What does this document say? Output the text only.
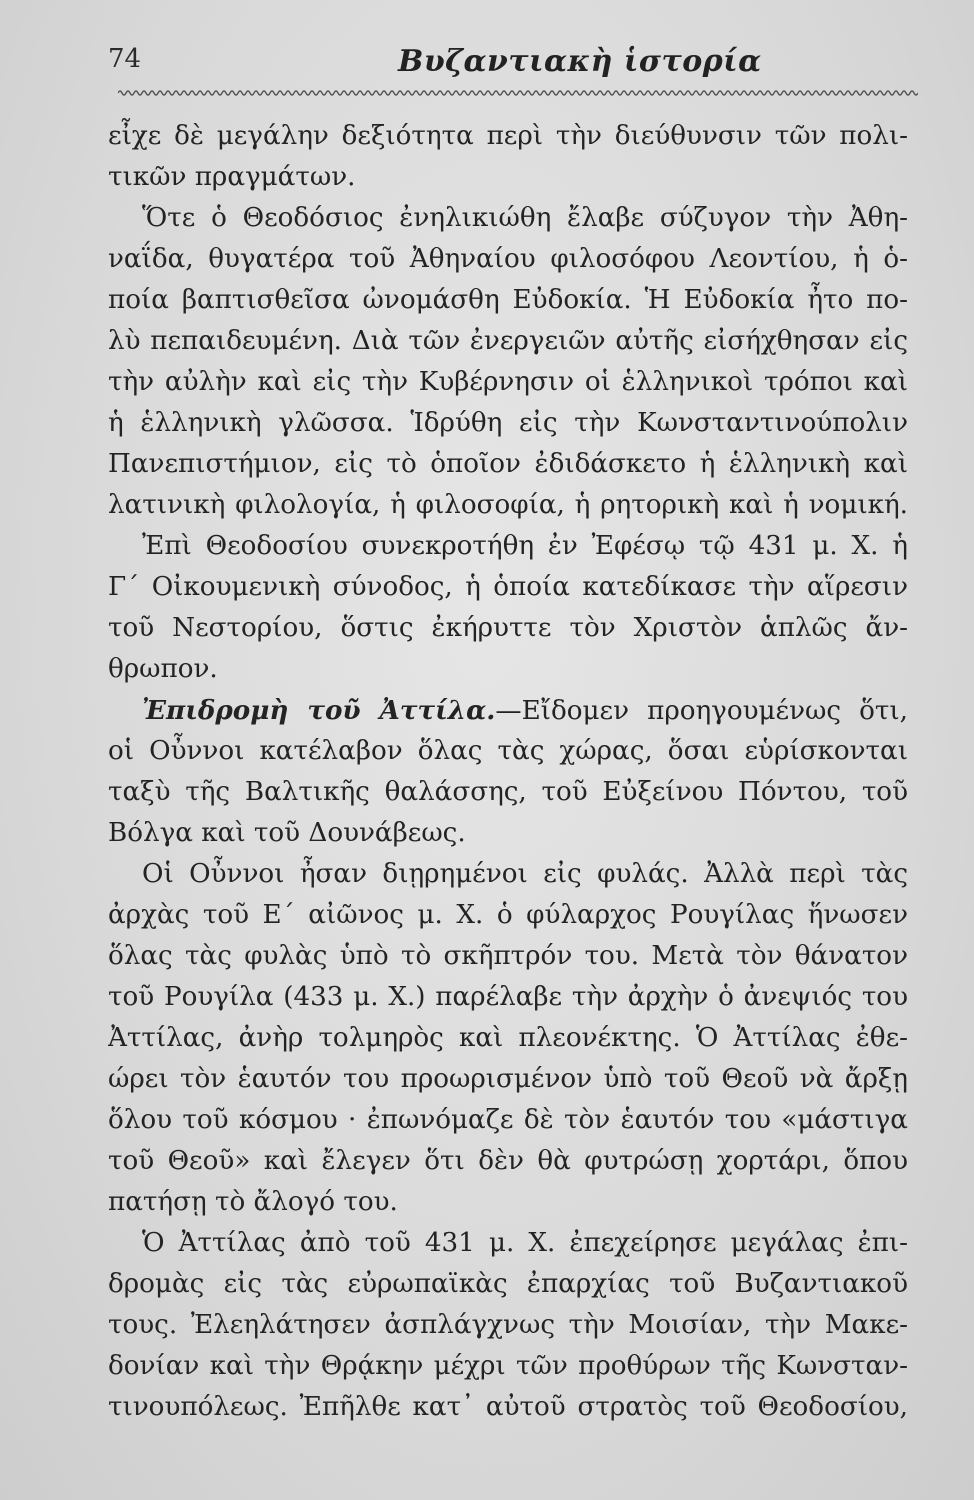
74	Βυζαντιακὴ ἱστορία
εἶχε δὲ μεγάλην δεξιότητα περὶ τὴν διεύθυνσιν τῶν πολι-
τικῶν πραγμάτων.
Ὅτε ὁ Θεοδόσιος ἐνηλικιώθη ἔλαβε σύζυγον τὴν Ἀθη-
ναΐδα, θυγατέρα τοῦ Ἀθηναίου φιλοσόφου Λεοντίου, ἡ ὁ-
ποία βαπτισθεῖσα ὠνομάσθη Εὐδοκία. Ἡ Εὐδοκία ἦτο πο-
λὺ πεπαιδευμένη. Διὰ τῶν ἐνεργειῶν αὐτῆς εἰσήχθησαν εἰς
τὴν αὐλὴν καὶ εἰς τὴν Κυβέρνησιν οἱ ἑλληνικοὶ τρόποι καὶ
ἡ ἑλληνικὴ γλῶσσα. Ἱδρύθη εἰς τὴν Κωνσταντινούπολιν
Πανεπιστήμιον, εἰς τὸ ὁποῖον ἐδιδάσκετο ἡ ἑλληνικὴ καὶ
λατινικὴ φιλολογία, ἡ φιλοσοφία, ἡ ρητορικὴ καὶ ἡ νομική.
Ἐπὶ Θεοδοσίου συνεκροτήθη ἐν Ἐφέσῳ τῷ 431 μ. Χ. ἡ
Γ´ Οἰκουμενικὴ σύνοδος, ἡ ὁποία κατεδίκασε τὴν αἵρεσιν
τοῦ Νεστορίου, ὅστις ἐκήρυττε τὸν Χριστὸν ἁπλῶς ἄν-
θρωπον.
Ἐπιδρομὴ τοῦ Ἀττίλα.—Εἴδομεν προηγουμένως ὅτι,
οἱ Οὖννοι κατέλαβον ὅλας τὰς χώρας, ὅσαι εὑρίσκονται
ταξὺ τῆς Βαλτικῆς θαλάσσης, τοῦ Εὐξείνου Πόντου, τοῦ
Βόλγα καὶ τοῦ Δουνάβεως.
Οἱ Οὖννοι ἦσαν διῃρημένοι εἰς φυλάς. Ἀλλὰ περὶ τὰς
ἀρχὰς τοῦ Ε´ αἰῶνος μ. Χ. ὁ φύλαρχος Ρουγίλας ἥνωσεν
ὅλας τὰς φυλὰς ὑπὸ τὸ σκῆπτρόν του. Μετὰ τὸν θάνατον
τοῦ Ρουγίλα (433 μ. Χ.) παρέλαβε τὴν ἀρχὴν ὁ ἀνεψιός του
Ἀττίλας, ἀνὴρ τολμηρὸς καὶ πλεονέκτης. Ὁ Ἀττίλας ἐθε-
ώρει τὸν ἑαυτόν του προωρισμένον ὑπὸ τοῦ Θεοῦ νὰ ἄρξῃ
ὅλου τοῦ κόσμου · ἐπωνόμαζε δὲ τὸν ἑαυτόν του «μάστιγα
τοῦ Θεοῦ» καὶ ἔλεγεν ὅτι δὲν θὰ φυτρώσῃ χορτάρι, ὅπου
πατήσῃ τὸ ἄλογό του.
Ὁ Ἀττίλας ἀπὸ τοῦ 431 μ. Χ. ἐπεχείρησε μεγάλας ἐπι-
δρομὰς εἰς τὰς εὐρωπαϊκὰς ἐπαρχίας τοῦ Βυζαντιακοῦ
τους. Ἐλεηλάτησεν ἀσπλάγχνως τὴν Μοισίαν, τὴν Μακε-
δονίαν καὶ τὴν Θρᾴκην μέχρι τῶν προθύρων τῆς Κωνσταν-
τινουπόλεως. Ἐπῆλθε κατ᾽ αὐτοῦ στρατὸς τοῦ Θεοδοσίου,
